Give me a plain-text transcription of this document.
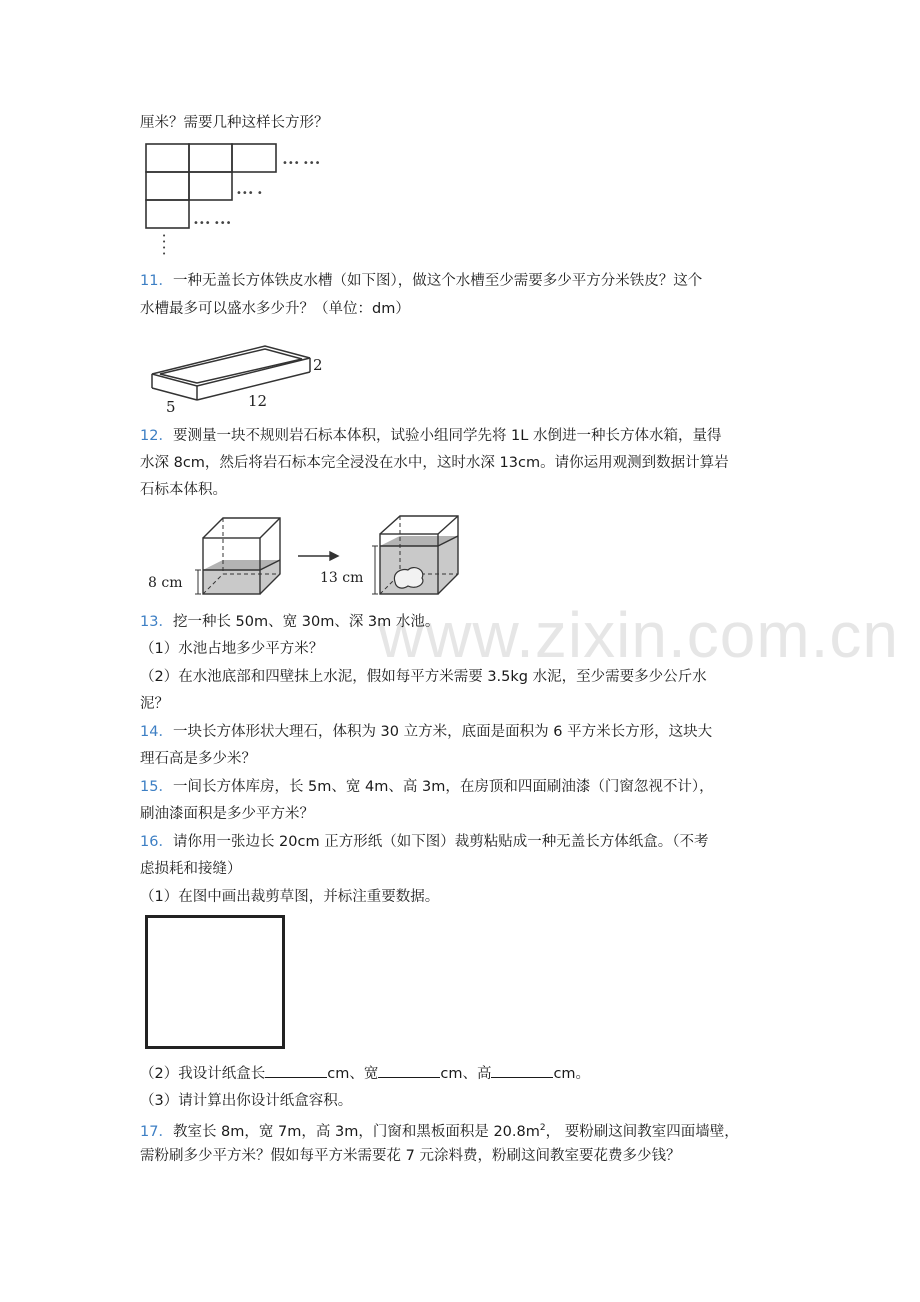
厘米？需要几种这样长方形？
••• •••
••• •
••• •••
•
•
•
•
11．一种无盖长方体铁皮水槽（如下图），做这个水槽至少需要多少平方分米铁皮？这个
水槽最多可以盛水多少升？（单位：dm）
2
12
5
12．要测量一块不规则岩石标本体积，试验小组同学先将 1L 水倒进一种长方体水箱，量得
水深 8cm，然后将岩石标本完全浸没在水中，这时水深 13cm。请你运用观测到数据计算岩
石标本体积。
8 cm	13 cm
www.zixin.com.cn
13．挖一种长 50m、宽 30m、深 3m 水池。
（1）水池占地多少平方米？
（2）在水池底部和四壁抹上水泥，假如每平方米需要 3.5kg 水泥，至少需要多少公斤水
泥？
14．一块长方体形状大理石，体积为 30 立方米，底面是面积为 6 平方米长方形，这块大
理石高是多少米？
15．一间长方体库房，长 5m、宽 4m、高 3m，在房顶和四面刷油漆（门窗忽视不计），
刷油漆面积是多少平方米？
16．请你用一张边长 20cm 正方形纸（如下图）裁剪粘贴成一种无盖长方体纸盒。（不考
虑损耗和接缝）
（1）在图中画出裁剪草图，并标注重要数据。
（2）我设计纸盒长	cm、宽	cm、高	cm。
（3）请计算出你设计纸盒容积。
17．教室长 8m，宽 7m，高 3m，门窗和黑板面积是 $20.8m^2$， 要粉刷这间教室四面墙壁，
需粉刷多少平方米？假如每平方米需要花 7 元涂料费，粉刷这间教室要花费多少钱？
